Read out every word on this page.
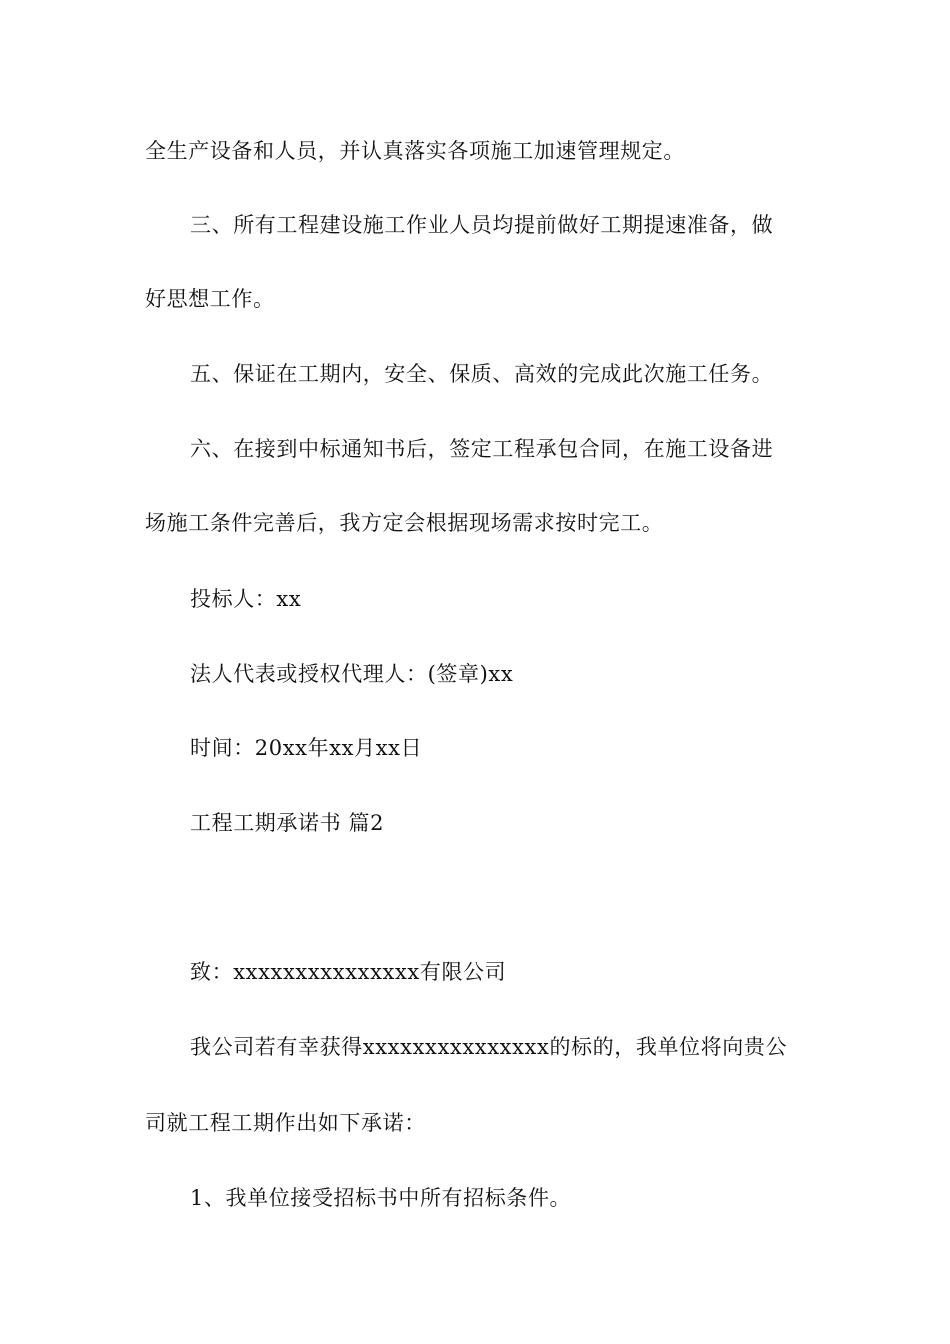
全生产设备和人员，并认真落实各项施工加速管理规定。
三、所有工程建设施工作业人员均提前做好工期提速准备，做
好思想工作。
五、保证在工期内，安全、保质、高效的完成此次施工任务。
六、在接到中标通知书后，签定工程承包合同，在施工设备进
场施工条件完善后，我方定会根据现场需求按时完工。
投标人：xx
法人代表或授权代理人：(签章)xx
时间：20xx年xx月xx日
工程工期承诺书 篇2
致：xxxxxxxxxxxxxxx有限公司
我公司若有幸获得xxxxxxxxxxxxxxx的标的，我单位将向贵公
司就工程工期作出如下承诺：
1、我单位接受招标书中所有招标条件。
